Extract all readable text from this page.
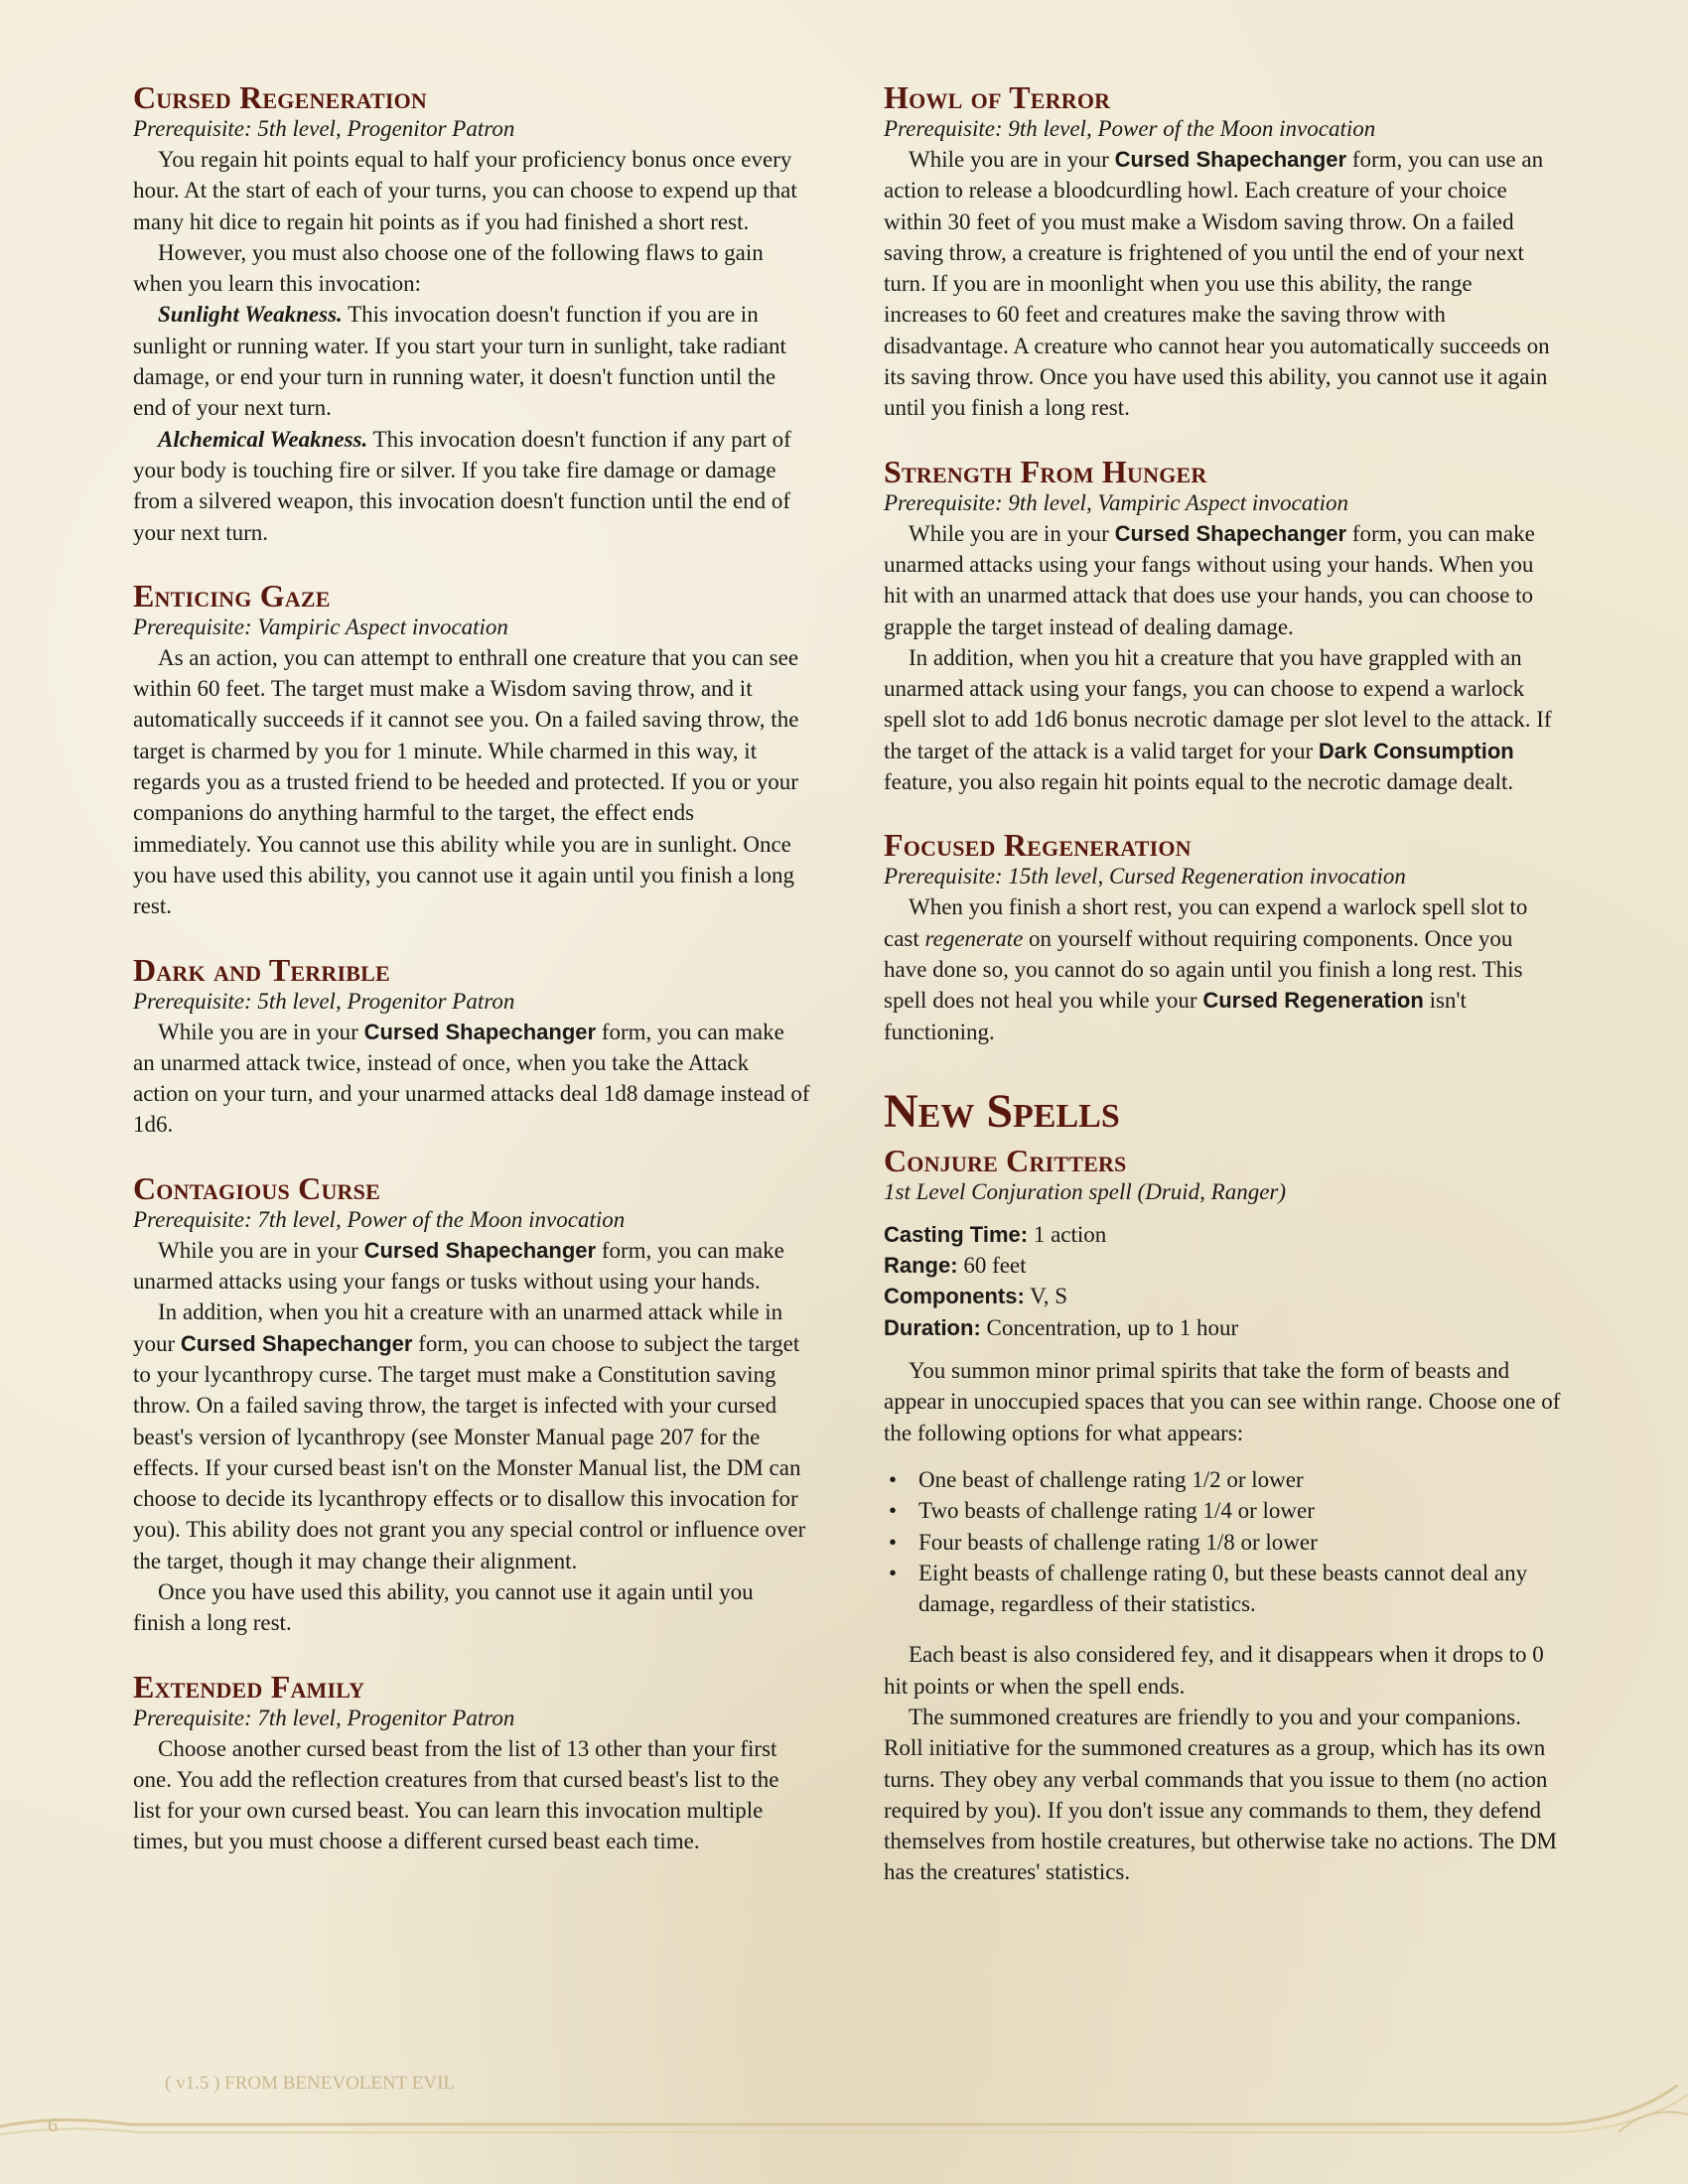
Cursed Regeneration
Prerequisite: 5th level, Progenitor Patron

You regain hit points equal to half your proficiency bonus once every hour. At the start of each of your turns, you can choose to expend up that many hit dice to regain hit points as if you had finished a short rest.

However, you must also choose one of the following flaws to gain when you learn this invocation:

Sunlight Weakness. This invocation doesn't function if you are in sunlight or running water. If you start your turn in sunlight, take radiant damage, or end your turn in running water, it doesn't function until the end of your next turn.

Alchemical Weakness. This invocation doesn't function if any part of your body is touching fire or silver. If you take fire damage or damage from a silvered weapon, this invocation doesn't function until the end of your next turn.

Enticing Gaze
Prerequisite: Vampiric Aspect invocation

As an action, you can attempt to enthrall one creature that you can see within 60 feet. The target must make a Wisdom saving throw, and it automatically succeeds if it cannot see you. On a failed saving throw, the target is charmed by you for 1 minute. While charmed in this way, it regards you as a trusted friend to be heeded and protected. If you or your companions do anything harmful to the target, the effect ends immediately. You cannot use this ability while you are in sunlight. Once you have used this ability, you cannot use it again until you finish a long rest.

Dark and Terrible
Prerequisite: 5th level, Progenitor Patron

While you are in your Cursed Shapechanger form, you can make an unarmed attack twice, instead of once, when you take the Attack action on your turn, and your unarmed attacks deal 1d8 damage instead of 1d6.

Contagious Curse
Prerequisite: 7th level, Power of the Moon invocation

While you are in your Cursed Shapechanger form, you can make unarmed attacks using your fangs or tusks without using your hands.

In addition, when you hit a creature with an unarmed attack while in your Cursed Shapechanger form, you can choose to subject the target to your lycanthropy curse. The target must make a Constitution saving throw. On a failed saving throw, the target is infected with your cursed beast's version of lycanthropy (see Monster Manual page 207 for the effects. If your cursed beast isn't on the Monster Manual list, the DM can choose to decide its lycanthropy effects or to disallow this invocation for you). This ability does not grant you any special control or influence over the target, though it may change their alignment.

Once you have used this ability, you cannot use it again until you finish a long rest.

Extended Family
Prerequisite: 7th level, Progenitor Patron

Choose another cursed beast from the list of 13 other than your first one. You add the reflection creatures from that cursed beast's list to the list for your own cursed beast. You can learn this invocation multiple times, but you must choose a different cursed beast each time.

Howl of Terror
Prerequisite: 9th level, Power of the Moon invocation

While you are in your Cursed Shapechanger form, you can use an action to release a bloodcurdling howl. Each creature of your choice within 30 feet of you must make a Wisdom saving throw. On a failed saving throw, a creature is frightened of you until the end of your next turn. If you are in moonlight when you use this ability, the range increases to 60 feet and creatures make the saving throw with disadvantage. A creature who cannot hear you automatically succeeds on its saving throw. Once you have used this ability, you cannot use it again until you finish a long rest.

Strength From Hunger
Prerequisite: 9th level, Vampiric Aspect invocation

While you are in your Cursed Shapechanger form, you can make unarmed attacks using your fangs without using your hands. When you hit with an unarmed attack that does use your hands, you can choose to grapple the target instead of dealing damage.

In addition, when you hit a creature that you have grappled with an unarmed attack using your fangs, you can choose to expend a warlock spell slot to add 1d6 bonus necrotic damage per slot level to the attack. If the target of the attack is a valid target for your Dark Consumption feature, you also regain hit points equal to the necrotic damage dealt.

Focused Regeneration
Prerequisite: 15th level, Cursed Regeneration invocation

When you finish a short rest, you can expend a warlock spell slot to cast regenerate on yourself without requiring components. Once you have done so, you cannot do so again until you finish a long rest. This spell does not heal you while your Cursed Regeneration isn't functioning.

New Spells
Conjure Critters
1st Level Conjuration spell (Druid, Ranger)
Casting Time: 1 action
Range: 60 feet
Components: V, S
Duration: Concentration, up to 1 hour

You summon minor primal spirits that take the form of beasts and appear in unoccupied spaces that you can see within range. Choose one of the following options for what appears:

• One beast of challenge rating 1/2 or lower
• Two beasts of challenge rating 1/4 or lower
• Four beasts of challenge rating 1/8 or lower
• Eight beasts of challenge rating 0, but these beasts cannot deal any damage, regardless of their statistics.

Each beast is also considered fey, and it disappears when it drops to 0 hit points or when the spell ends.

The summoned creatures are friendly to you and your companions. Roll initiative for the summoned creatures as a group, which has its own turns. They obey any verbal commands that you issue to them (no action required by you). If you don't issue any commands to them, they defend themselves from hostile creatures, but otherwise take no actions. The DM has the creatures' statistics.

( v1.5 ) FROM BENEVOLENT EVIL
6
